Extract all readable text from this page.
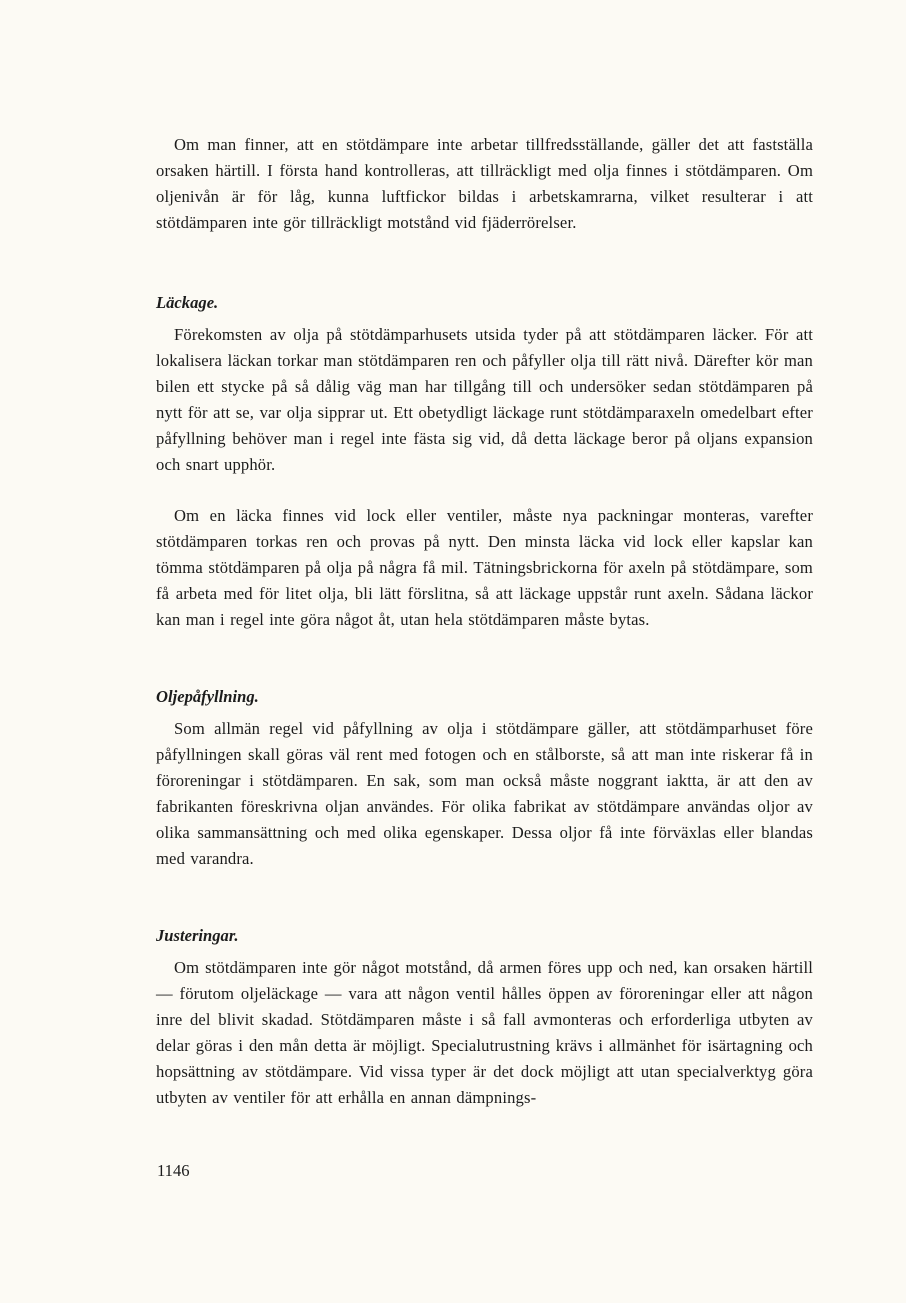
Om man finner, att en stötdämpare inte arbetar tillfredsställande, gäller det att fastställa orsaken härtill. I första hand kontrolleras, att tillräckligt med olja finnes i stötdämparen. Om oljenivån är för låg, kunna luftfickor bildas i arbetskamrarna, vilket resulterar i att stötdämparen inte gör tillräckligt motstånd vid fjäderrörelser.

Läckage.

Förekomsten av olja på stötdämparhusets utsida tyder på att stötdämparen läcker. För att lokalisera läckan torkar man stötdämparen ren och påfyller olja till rätt nivå. Därefter kör man bilen ett stycke på så dålig väg man har tillgång till och undersöker sedan stötdämparen på nytt för att se, var olja sipprar ut. Ett obetydligt läckage runt stötdämparaxeln omedelbart efter påfyllning behöver man i regel inte fästa sig vid, då detta läckage beror på oljans expansion och snart upphör.

Om en läcka finnes vid lock eller ventiler, måste nya packningar monteras, varefter stötdämparen torkas ren och provas på nytt. Den minsta läcka vid lock eller kapslar kan tömma stötdämparen på olja på några få mil. Tätningsbrickorna för axeln på stötdämpare, som få arbeta med för litet olja, bli lätt förslitna, så att läckage uppstår runt axeln. Sådana läckor kan man i regel inte göra något åt, utan hela stötdämparen måste bytas.

Oljepåfyllning.

Som allmän regel vid påfyllning av olja i stötdämpare gäller, att stötdämparhuset före påfyllningen skall göras väl rent med fotogen och en stålborste, så att man inte riskerar få in föroreningar i stötdämparen. En sak, som man också måste noggrant iaktta, är att den av fabrikanten föreskrivna oljan användes. För olika fabrikat av stötdämpare användas oljor av olika sammansättning och med olika egenskaper. Dessa oljor få inte förväxlas eller blandas med varandra.

Justeringar.

Om stötdämparen inte gör något motstånd, då armen föres upp och ned, kan orsaken härtill — förutom oljeläckage — vara att någon ventil hålles öppen av föroreningar eller att någon inre del blivit skadad. Stötdämparen måste i så fall avmonteras och erforderliga utbyten av delar göras i den mån detta är möjligt. Specialutrustning krävs i allmänhet för isärtagning och hopsättning av stötdämpare. Vid vissa typer är det dock möjligt att utan specialverktyg göra utbyten av ventiler för att erhålla en annan dämpnings-

1146
